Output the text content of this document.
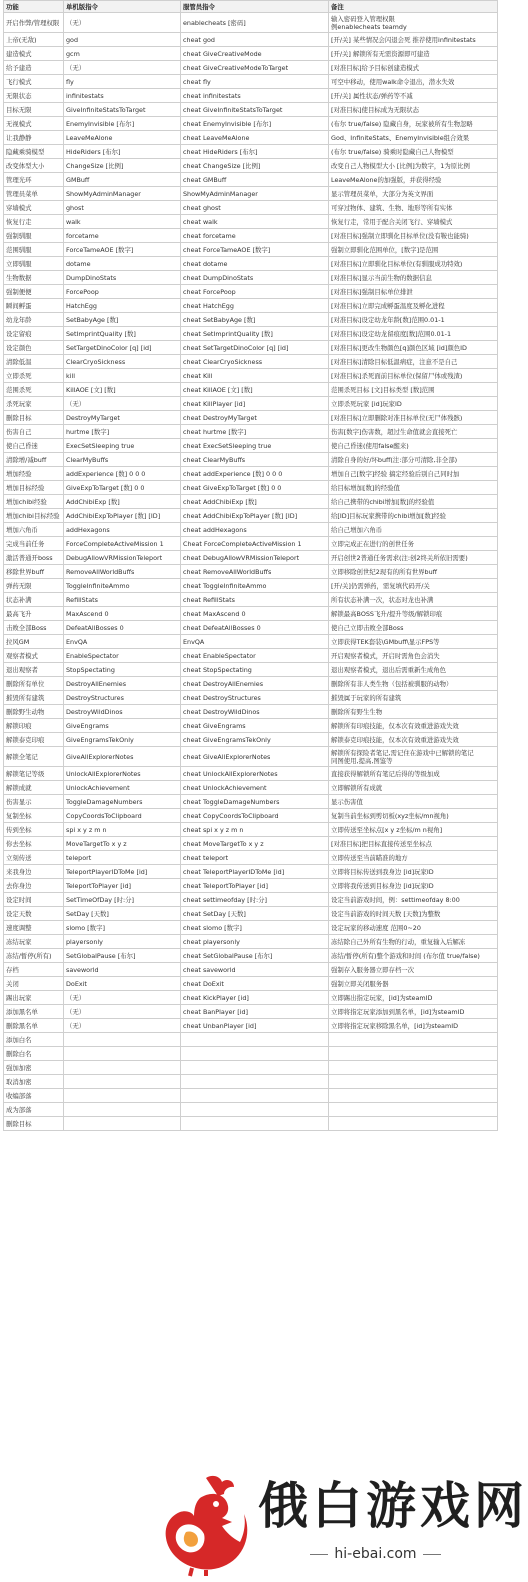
功能	单机版指令	服管员指令	备注
开启作弊/管理权限	（无）	enablecheats [密码]	输入密码登入管理权限
例enablecheats teamdy

上帝(无敌)	god	cheat god	[开/关] 某些情况会闪退会死 推荐使用infinitestats
建造模式	gcm	cheat GiveCreativeMode	[开/关] 解锁所有无需资源即可建造
给予建造	（无）	cheat GiveCreativeModeToTarget	[对准目标]给予目标创建造模式
飞行模式	fly	cheat fly	可空中移动，使用walk命令退出，潜水失效
无限状态	infinitestats	cheat infinitestats	[开/关] 属性状态/弹药等不减
目标无限	GiveInfiniteStatsToTarget	cheat GiveInfiniteStatsToTarget	[对准目标]使目标成为无限状态
无视模式	EnemyInvisible [布尔]	cheat EnemyInvisible [布尔]	(布尔 true/false) 隐藏自身，玩家被所有生物忽略
让我静静	LeaveMeAlone	cheat LeaveMeAlone	God、InfiniteStats、EnemyInvisible组合效果
隐藏乘骑模型	HideRiders [布尔]	cheat HideRiders [布尔]	(布尔 true/false) 骑乘时隐藏自己人物模型
改变体型大小	ChangeSize [比例]	cheat ChangeSize [比例]	改变自己人物模型大小 [比例]为数字，1为原比例
管理光环	GMBuff	cheat GMBuff	LeaveMeAlone的加强版，并获得经验
管理员菜单	ShowMyAdminManager	ShowMyAdminManager	显示管理员菜单，大部分为英文界面
穿墙模式	ghost	cheat ghost	可穿过物体、建筑、生物、地形等所有实体
恢复行走	walk	cheat walk	恢复行走，常用于配合关闭飞行、穿墙模式
强制驯服	forcetame	cheat forcetame	[对准目标]强制立即驯化目标单位(没有鞍也能骑)
范围驯服	ForceTameAOE [数字]	cheat ForceTameAOE [数字]	强制立即驯化范围单位，[数字]是范围
立即驯服	dotame	cheat dotame	[对准目标]立即驯化目标单位(有驯服成功特效)
生物数据	DumpDinoStats	cheat DumpDinoStats	[对准目标]显示当前生物的数据信息
强制便便	ForcePoop	cheat ForcePoop	[对准目标]强制目标单位排泄
瞬间孵蛋	HatchEgg	cheat HatchEgg	[对准目标]立即完成孵蛋温度及孵化进程
幼龙年龄	SetBabyAge [数]	cheat SetBabyAge [数]	[对准目标]设定幼龙年龄[数]范围0.01-1
设定留痕	SetImprintQuality [数]	cheat SetImprintQuality [数]	[对准目标]设定幼龙留痕度[数]范围0.01-1
设定颜色	SetTargetDinoColor [q] [id]	cheat SetTargetDinoColor [q] [id]	[对准目标]更改生物颜色[q]颜色区域 [id]颜色ID
清除低温	ClearCryoSickness	cheat ClearCryoSickness	[对准目标]清除目标低温病症，注意不是自己
立即杀死	kill	cheat Kill	[对准目标]杀死面前目标单位(保留尸体或残渣)
范围杀死	KillAOE [文] [数]	cheat KillAOE [文] [数]	范围杀死目标 [文]目标类型 [数]范围
杀死玩家	（无）	cheat KillPlayer [id]	立即杀死玩家 [id]玩家ID
删除目标	DestroyMyTarget	cheat DestroyMyTarget	[对准目标]立即删除对准目标单位(无尸体残骸)
伤害自己	hurtme [数字]	cheat hurtme [数字]	伤害[数字]伤害数，超过生命值就会直接死亡
使自己昏迷	ExecSetSleeping true	cheat ExecSetSleeping true	使自己昏迷(使用false醒来)
清除增/减buff	ClearMyBuffs	cheat ClearMyBuffs	清除自身的好/坏buff(注:部分可清除,非全部)
增加经验	addExperience [数] 0 0 0	cheat addExperience [数] 0 0 0	增加自己[数字]经验 搞定经验后别自己同时加
增加目标经验	GiveExpToTarget [数] 0 0	cheat GiveExpToTarget [数] 0 0	给目标增加[数]的经验值
增加chibi经验	AddChibiExp [数]	cheat AddChibiExp [数]	给自己携带的chibi增加[数]的经验值
增加chibi目标经验	AddChibiExpToPlayer [数] [ID]	cheat AddChibiExpToPlayer [数] [ID]	给[ID]目标玩家携带的chibi增加[数]经验
增加六角币	addHexagons	cheat addHexagons	给自己增加六角币
完成当前任务	ForceCompleteActiveMission 1	Cheat ForceCompleteActiveMission 1	立即完成正在进行的创世任务
激活普通开boss	DebugAllowVRMissionTeleport	cheat DebugAllowVRMissionTeleport	开启创世2普通任务需求(注:创2终关所依旧需要)
移除世界buff	RemoveAllWorldBuffs	cheat RemoveAllWorldBuffs	立即移除创世纪2现有的所有世界buff
弹药无限	ToggleInfiniteAmmo	cheat ToggleInfiniteAmmo	[开/关]仍需弹药，需复填代码开/关
状态补满	RefillStats	cheat RefillStats	所有状态补满一次，状态对龙也补满
最高飞升	MaxAscend 0	cheat MaxAscend 0	解锁最高BOSS飞升/提升等级/解锁印痕
击败全部Boss	DefeatAllBosses 0	cheat DefeatAllBosses 0	使自己立即击败全部Boss
拉风GM	EnvQA	EnvQA	立即获得TEK套装\GMbuff\显示FPS等
观察者模式	EnableSpectator	cheat EnableSpectator	开启观察者模式，开启时需角色会消失
退出观察者	StopSpectating	cheat StopSpectating	退出观察者模式，退出后需重新生成角色
删除所有单位	DestroyAllEnemies	cheat DestroyAllEnemies	删除所有非人类生物（包括被驯服的动物）
摧毁所有建筑	DestroyStructures	cheat DestroyStructures	摧毁属于玩家的所有建筑
删除野生动物	DestroyWildDinos	cheat DestroyWildDinos	删除所有野生生物
解锁印痕	GiveEngrams	cheat GiveEngrams	解锁所有印痕技能，仅本次有效重进游戏失效
解锁泰克印痕	GiveEngramsTekOnly	cheat GiveEngramsTekOnly	解锁泰克印痕技能，仅本次有效重进游戏失效
解锁全笔记	GiveAllExplorerNotes	cheat GiveAllExplorerNotes	解锁所有探险者笔记,需记住在游戏中已解锁的笔记
同图使用,提高,图鉴等

解锁笔记等级	UnlockAllExplorerNotes	cheat UnlockAllExplorerNotes	直接获得解锁所有笔记后得的等级加成
解锁成就	UnlockAchievement	cheat UnlockAchievement	立即解锁所有成就
伤害显示	ToggleDamageNumbers	cheat ToggleDamageNumbers	显示伤害值
复制坐标	CopyCoordsToClipboard	cheat CopyCoordsToClipboard	复制当前坐标到剪切板(xyz坐标/mn视角)
传到坐标	spi x y z m n	cheat spi x y z m n	立即传送至坐标点[x y z坐标/m n视角]
你去坐标	MoveTargetTo x y z	cheat MoveTargetTo x y z	[对准目标]把目标直接传送至坐标点
立刻传送	teleport	cheat teleport	立即传送至当前瞄准的地方
来我身边	TeleportPlayerIDToMe [id]	cheat TeleportPlayerIDToMe [id]	立即将目标传送到我身边 [id]玩家ID
去你身边	TeleportToPlayer [id]	cheat TeleportToPlayer [id]	立即将我传送到目标身边 [id]玩家ID
设定时间	SetTimeOfDay [时:分]	cheat settimeofday [时:分]	设定当前游戏时间，例：settimeofday 8:00
设定天数	SetDay [天数]	cheat SetDay [天数]	设定当前游戏的时间天数 [天数]为整数
速度调整	slomo [数字]	cheat slomo [数字]	设定玩家的移动速度 范围0~20
冻结玩家	playersonly	cheat playersonly	冻结除自己外所有生物的行动，重复输入后解冻
冻结/暂停(所有)	SetGlobalPause [布尔]	cheat SetGlobalPause [布尔]	冻结/暂停(所有)整个游戏和时间 (布尔值 true/false)
存档	saveworld	cheat saveworld	强制存入服务器立即存档一次
关闭	DoExit	cheat DoExit	强制立即关闭服务器
踢出玩家	（无）	cheat KickPlayer [id]	立即踢出指定玩家，[id]为steamID
添加黑名单	（无）	cheat BanPlayer [id]	立即将指定玩家添加到黑名单，[id]为steamID
删除黑名单	（无）	cheat UnbanPlayer [id]	立即将指定玩家移除黑名单，[id]为steamID
添加白名			
删除白名			
强加加密			
取消加密			
收编部落			
成为部落			
删除目标			
俄白游戏网
hi-ebai.com
